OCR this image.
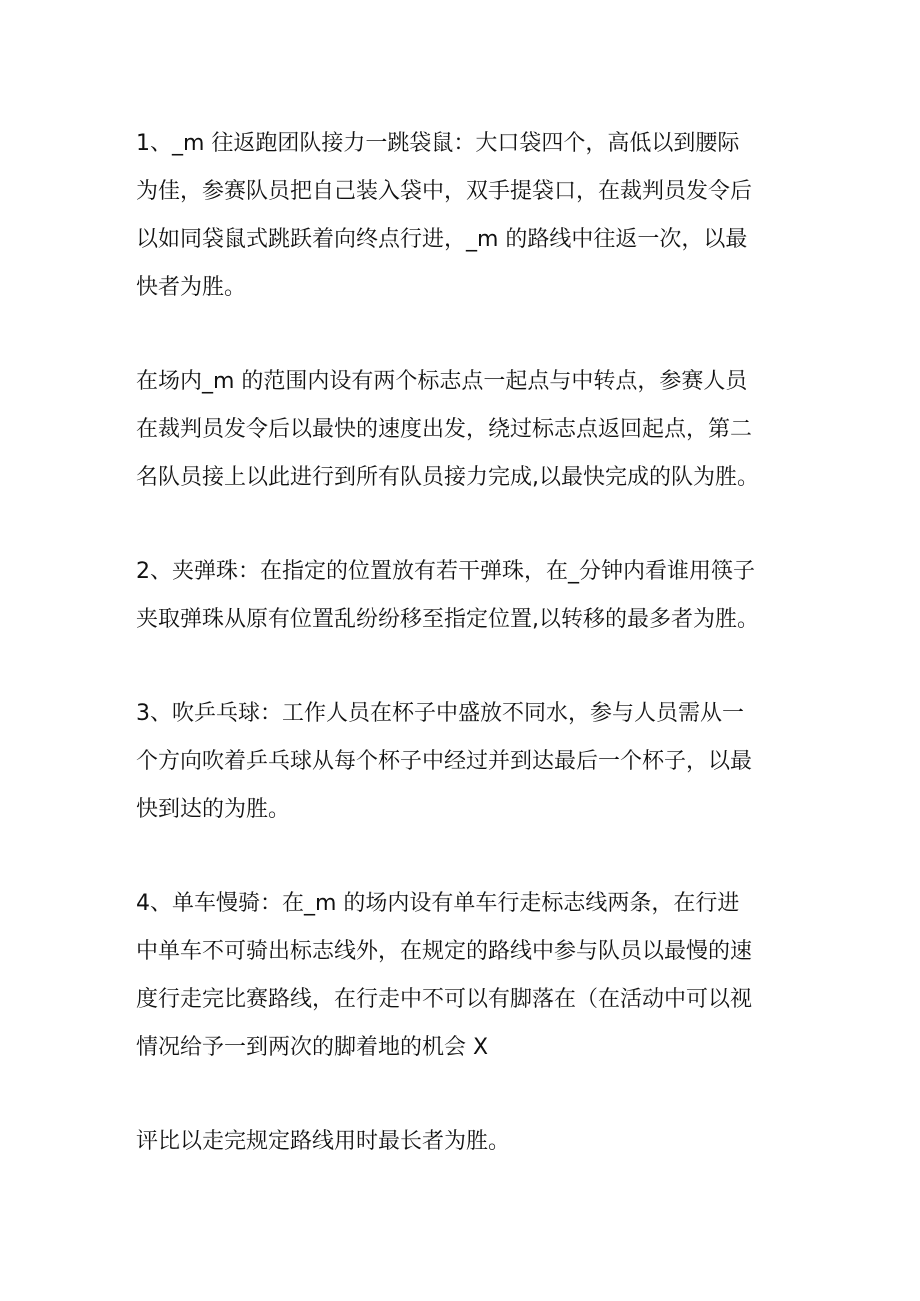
1、_m 往返跑团队接力一跳袋鼠：大口袋四个，高低以到腰际
为佳，参赛队员把自己装入袋中，双手提袋口，在裁判员发令后
以如同袋鼠式跳跃着向终点行进，_m 的路线中往返一次，以最
快者为胜。
在场内_m 的范围内设有两个标志点一起点与中转点，参赛人员
在裁判员发令后以最快的速度出发，绕过标志点返回起点，第二
名队员接上以此进行到所有队员接力完成,以最快完成的队为胜。
2、夹弹珠：在指定的位置放有若干弹珠，在_分钟内看谁用筷子
夹取弹珠从原有位置乱纷纷移至指定位置,以转移的最多者为胜。
3、吹乒乓球：工作人员在杯子中盛放不同水，参与人员需从一
个方向吹着乒乓球从每个杯子中经过并到达最后一个杯子，以最
快到达的为胜。
4、单车慢骑：在_m 的场内设有单车行走标志线两条，在行进
中单车不可骑出标志线外，在规定的路线中参与队员以最慢的速
度行走完比赛路线，在行走中不可以有脚落在（在活动中可以视
情况给予一到两次的脚着地的机会 X
评比以走完规定路线用时最长者为胜。
